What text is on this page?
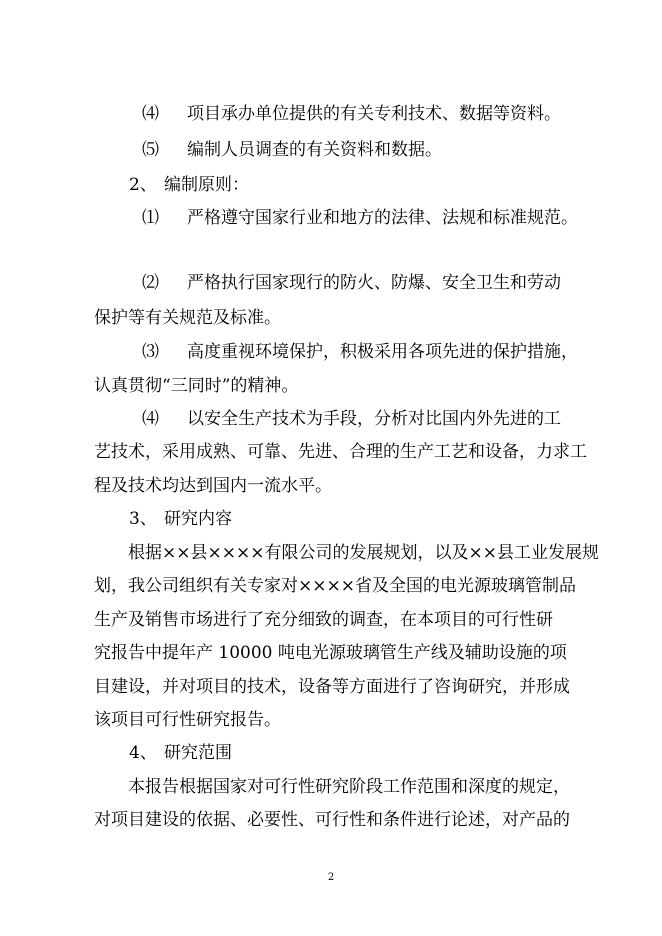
⑷ 项目承办单位提供的有关专利技术、数据等资料。
⑸ 编制人员调查的有关资料和数据。
2、 编制原则：
⑴ 严格遵守国家行业和地方的法律、法规和标准规范。
⑵ 严格执行国家现行的防火、防爆、安全卫生和劳动
保护等有关规范及标准。
⑶ 高度重视环境保护，积极采用各项先进的保护措施，
认真贯彻“三同时”的精神。
⑷ 以安全生产技术为手段，分析对比国内外先进的工
艺技术，采用成熟、可靠、先进、合理的生产工艺和设备，力求工
程及技术均达到国内一流水平。
3、 研究内容
根据××县××××有限公司的发展规划，以及××县工业发展规
划，我公司组织有关专家对××××省及全国的电光源玻璃管制品
生产及销售市场进行了充分细致的调查，在本项目的可行性研
究报告中提年产 10000 吨电光源玻璃管生产线及辅助设施的项
目建设，并对项目的技术，设备等方面进行了咨询研究，并形成
该项目可行性研究报告。
4、 研究范围
本报告根据国家对可行性研究阶段工作范围和深度的规定，
对项目建设的依据、必要性、可行性和条件进行论述，对产品的
2
